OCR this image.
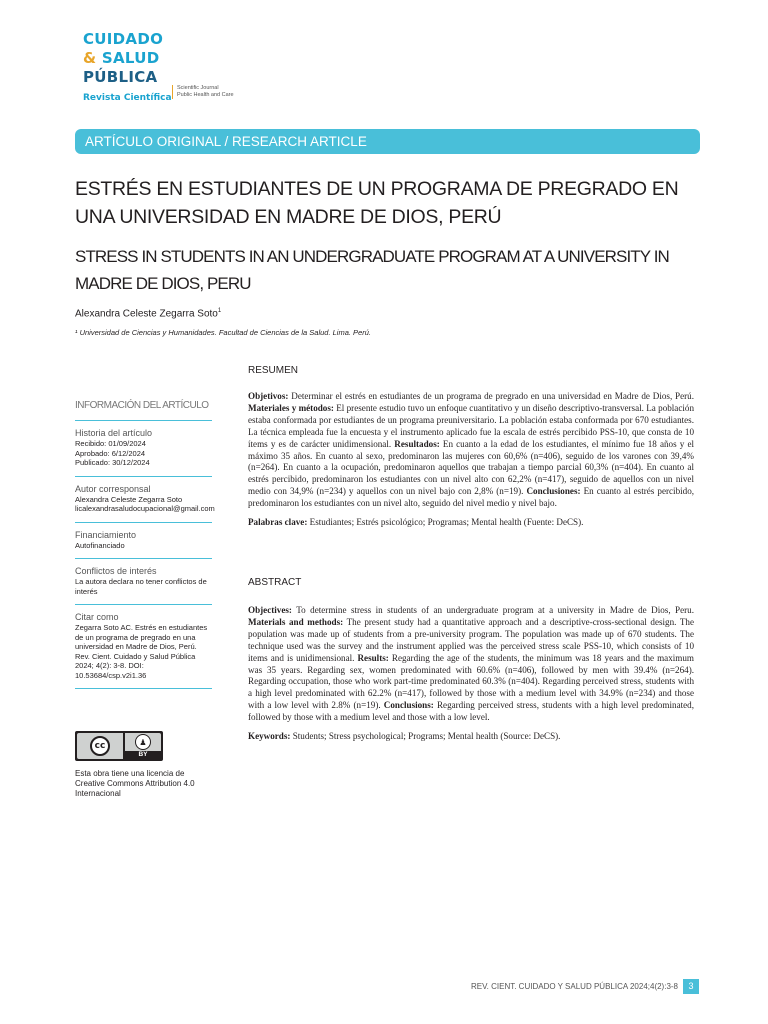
CUIDADO
& SALUD
PÚBLICA
Revista Científica
Scientific Journal
Public Health and Care
ARTÍCULO ORIGINAL / RESEARCH ARTICLE
ESTRÉS EN ESTUDIANTES DE UN PROGRAMA DE PREGRADO EN UNA UNIVERSIDAD EN MADRE DE DIOS, PERÚ
STRESS IN STUDENTS IN AN UNDERGRADUATE PROGRAM AT A UNIVERSITY IN MADRE DE DIOS, PERU
Alexandra Celeste Zegarra Soto$^1$
¹ Universidad de Ciencias y Humanidades. Facultad de Ciencias de la Salud. Lima. Perú.
INFORMACIÓN DEL ARTÍCULO
Historia del artículo
Recibido: 01/09/2024
Aprobado: 6/12/2024
Publicado: 30/12/2024
Autor corresponsal
Alexandra Celeste Zegarra Soto
licalexandrasaludocupacional@gmail.com
Financiamiento
Autofinanciado
Conflictos de interés
La autora declara no tener conflictos de interés
Citar como
Zegarra Soto AC. Estrés en estudiantes de un programa de pregrado en una universidad en Madre de Dios, Perú. Rev. Cient. Cuidado y Salud Pública 2024; 4(2): 3-8. DOI: 10.53684/csp.v2i1.36
cc	♟
BY
Esta obra tiene una licencia de Creative Commons Attribution 4.0 Internacional
RESUMEN
Objetivos: Determinar el estrés en estudiantes de un programa de pregrado en una universidad en Madre de Dios, Perú. Materiales y métodos: El presente estudio tuvo un enfoque cuantitativo y un diseño descriptivo-transversal. La población estaba conformada por estudiantes de un programa preuniversitario. La población estaba conformada por 670 estudiantes. La técnica empleada fue la encuesta y el instrumento aplicado fue la escala de estrés percibido PSS-10, que consta de 10 ítems y es de carácter unidimensional. Resultados: En cuanto a la edad de los estudiantes, el mínimo fue 18 años y el máximo 35 años. En cuanto al sexo, predominaron las mujeres con 60,6% (n=406), seguido de los varones con 39,4% (n=264). En cuanto a la ocupación, predominaron aquellos que trabajan a tiempo parcial 60,3% (n=404). En cuanto al estrés percibido, predominaron los estudiantes con un nivel alto con 62,2% (n=417), seguido de aquellos con un nivel medio con 34,9% (n=234) y aquellos con un nivel bajo con 2,8% (n=19). Conclusiones: En cuanto al estrés percibido, predominaron los estudiantes con un nivel alto, seguido del nivel medio y nivel bajo.
Palabras clave: Estudiantes; Estrés psicológico; Programas; Mental health (Fuente: DeCS).
ABSTRACT
Objectives: To determine stress in students of an undergraduate program at a university in Madre de Dios, Peru. Materials and methods: The present study had a quantitative approach and a descriptive-cross-sectional design. The population was made up of students from a pre-university program. The population was made up of 670 students. The technique used was the survey and the instrument applied was the perceived stress scale PSS-10, which consists of 10 items and is unidimensional. Results: Regarding the age of the students, the minimum was 18 years and the maximum was 35 years. Regarding sex, women predominated with 60.6% (n=406), followed by men with 39.4% (n=264). Regarding occupation, those who work part-time predominated 60.3% (n=404). Regarding perceived stress, students with a high level predominated with 62.2% (n=417), followed by those with a medium level with 34.9% (n=234) and those with a low level with 2.8% (n=19). Conclusions: Regarding perceived stress, students with a high level predominated, followed by those with a medium level and those with a low level.
Keywords: Students; Stress psychological; Programs; Mental health (Source: DeCS).
REV. CIENT. CUIDADO Y SALUD PÚBLICA 2024;4(2):3-8	3
